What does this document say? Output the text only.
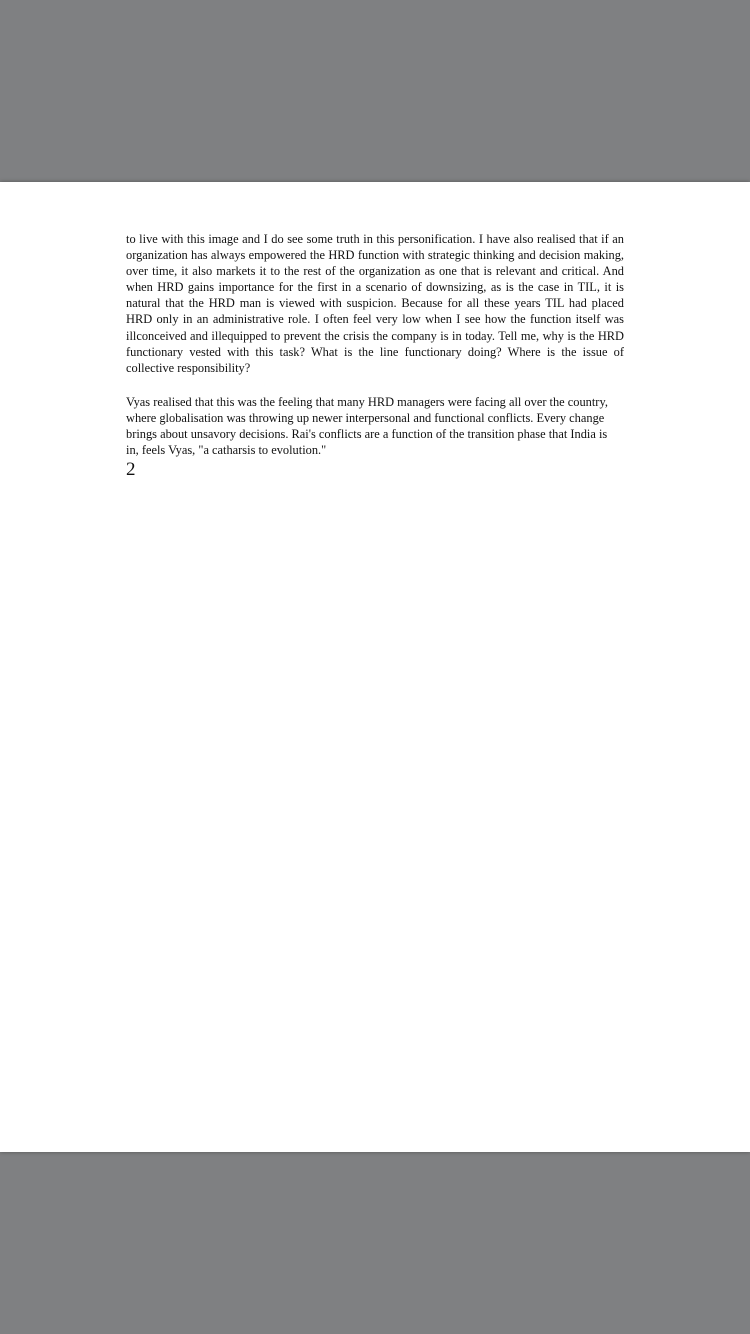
to live with this image and I do see some truth in this personification. I have also realised that if an organization has always empowered the HRD function with strategic thinking and decision making, over time, it also markets it to the rest of the organization as one that is relevant and critical. And when HRD gains importance for the first in a scenario of downsizing, as is the case in TIL, it is natural that the HRD man is viewed with suspicion. Because for all these years TIL had placed HRD only in an administrative role. I often feel very low when I see how the function itself was illconceived and illequipped to prevent the crisis the company is in today. Tell me, why is the HRD functionary vested with this task? What is the line functionary doing? Where is the issue of collective responsibility?

Vyas realised that this was the feeling that many HRD managers were facing all over the country, where globalisation was throwing up newer interpersonal and functional conflicts. Every change brings about unsavory decisions. Rai's conflicts are a function of the transition phase that India is in, feels Vyas, "a catharsis to evolution."

2
